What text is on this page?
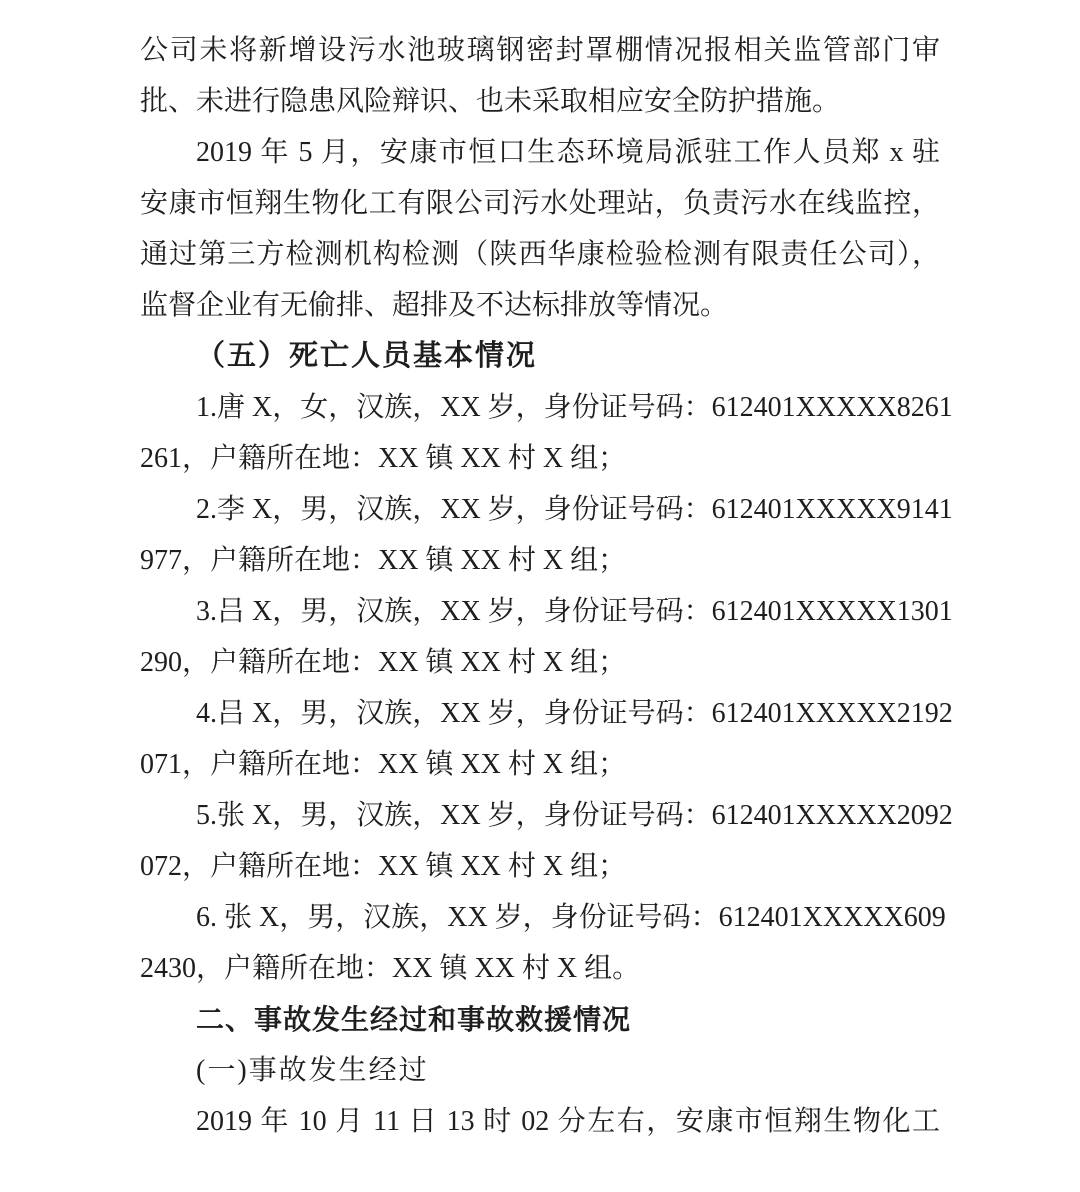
公司未将新增设污水池玻璃钢密封罩棚情况报相关监管部门审
批、未进行隐患风险辩识、也未采取相应安全防护措施。
2019 年 5 月，安康市恒口生态环境局派驻工作人员郑 x 驻
安康市恒翔生物化工有限公司污水处理站，负责污水在线监控，
通过第三方检测机构检测（陕西华康检验检测有限责任公司），
监督企业有无偷排、超排及不达标排放等情况。
（五）死亡人员基本情况
1.唐 X，女，汉族，XX 岁，身份证号码：612401XXXXX8261
261，户籍所在地：XX 镇 XX 村 X 组；
2.李 X，男，汉族，XX 岁，身份证号码：612401XXXXX9141
977，户籍所在地：XX 镇 XX 村 X 组；
3.吕 X，男，汉族，XX 岁，身份证号码：612401XXXXX1301
290，户籍所在地：XX 镇 XX 村 X 组；
4.吕 X，男，汉族，XX 岁，身份证号码：612401XXXXX2192
071，户籍所在地：XX 镇 XX 村 X 组；
5.张 X，男，汉族，XX 岁，身份证号码：612401XXXXX2092
072，户籍所在地：XX 镇 XX 村 X 组；
6. 张 X，男，汉族，XX 岁，身份证号码：612401XXXXX609
2430，户籍所在地：XX 镇 XX 村 X 组。
二、事故发生经过和事故救援情况
(一)事故发生经过
2019 年 10 月 11 日 13 时 02 分左右，安康市恒翔生物化工
